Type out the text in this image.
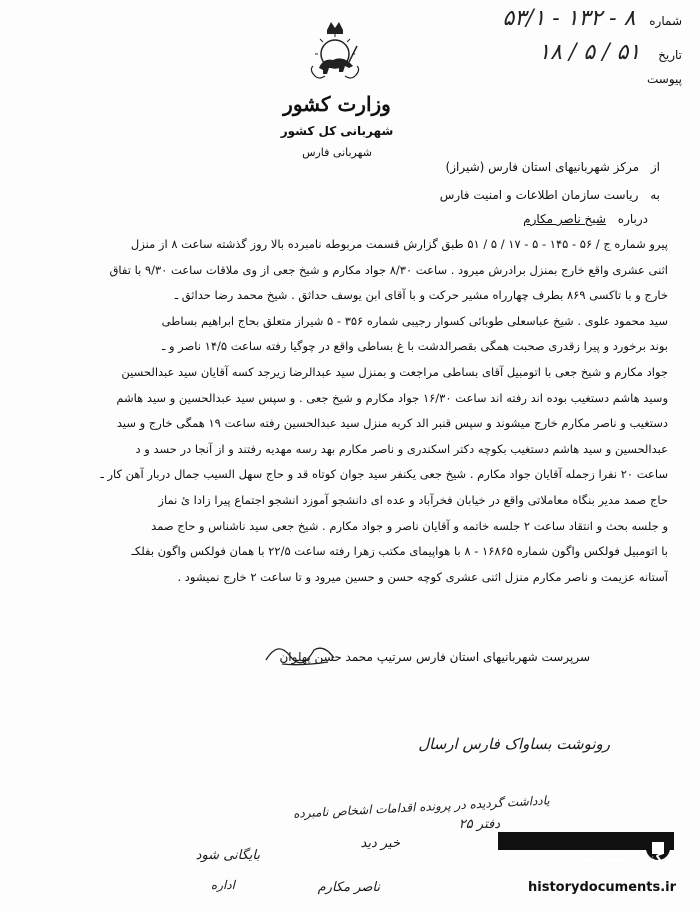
شماره ۸ - ۱۳۲ - ۵۳/۱
تاریخ ۵۱ / ۵ / ۱۸
پیوست
وزارت کشور
شهربانی کل کشور
شهربانی فارس
از مرکز شهربانیهای استان فارس (شیراز)
به ریاست سازمان اطلاعات و امنیت فارس
درباره شیخ ناصر مکارم

پیرو شماره ج / ۵۶ - ۱۴۵ - ۵ - ۱۷ / ۵ / ۵۱ طبق گزارش قسمت مربوطه نامبرده بالا روز گذشته ساعت ۸ از منزل

اثنی عشری واقع خارج بمنزل برادرش میرود . ساعت ۸/۳۰ جواد مکارم و شیخ جعی از وی ملاقات ساعت ۹/۳۰ با تفاق

خارج و با تاکسی ۸۶۹ بطرف چهارراه مشیر حرکت و با آقای ابن یوسف حداثق . شیخ محمد رضا حداثق ـ

سید محمود علوی . شیخ عباسعلی طوبائی کسوار رجیبی شماره ۳۵۶ - ۵ شیراز متعلق بحاج ابراهیم بساطی

بوند برخورد و پیرا زقدری صحبت همگی بقصرالدشت با غ بساطی واقع در چوگیا رفته ساعت ۱۴/۵ ناصر و ـ

جواد مکارم و شیخ جعی با اتومبیل آقای بساطی مراجعت و بمنزل سید عبدالرضا زیرجد کسه آقایان سید عبدالحسین

وسید هاشم دستغیب بوده اند رفته اند ساعت ۱۶/۳۰ جواد مکارم و شیخ جعی . و سپس سید عبدالحسین و سید هاشم

دستغیب و ناصر مکارم خارج میشوند و سپس قنبر الد کربه منزل سید عبدالحسین رفته ساعت ۱۹ همگی خارج و سید

عبدالحسین و سید هاشم دستغیب بکوچه دکتر اسکندری و ناصر مکارم بهد رسه مهدیه رفتند و از آنجا در حسد و د

ساعت ۲۰ نفرا زجمله آقایان جواد مکارم . شیخ جعی یکنفر سید جوان کوتاه قد و حاج سهل السیب جمال دربار آهن کار ـ

حاج صمد مدیر بنگاه معاملاتی واقع در خیابان فخرآباد و عده ای دانشجو آموزد انشجو اجتماع پیرا زادا ئ نماز

و جلسه بحث و انتقاد ساعت ۲ جلسه خاتمه و آقایان ناصر و جواد مکارم . شیخ جعی سید ناشناس و حاج صمد

با اتومبیل فولکس واگون شماره ۱۶۸۶۵ - ۸ با هواپیمای مکتب زهرا رفته ساعت ۲۲/۵ با همان فولکس واگون بفلکـ

آستانه عزیمت و ناصر مکارم منزل اثنی عشری کوچه حسن و حسین میرود و تا ساعت ۲ خارج نمیشود .

سرپرست شهربانیهای استان فارس سرتیپ محمد حسن پهلوان
رونوشت بساواک فارس ارسال
یادداشت گردیده در پرونده اقدامات اشخاص نامبرده
دفتر ۲۵
خیر دید
بایگانی شود
اداره	ناصر مکارم
مرکز بررسی اسناد تاریخی
historydocuments.ir
